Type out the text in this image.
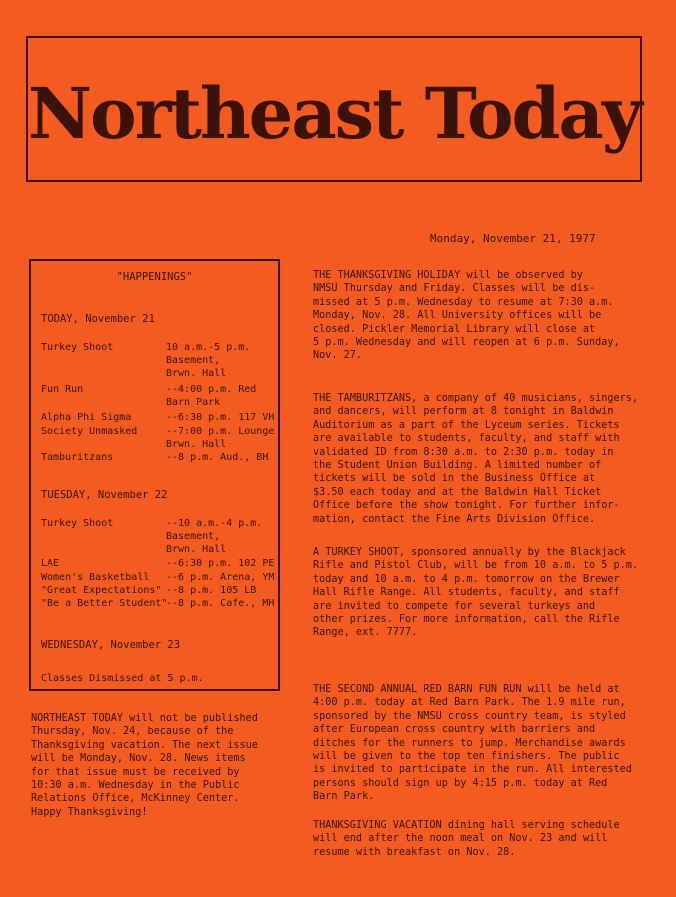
Northeast Today
Monday, November 21, 1977
"HAPPENINGS"
TODAY, November 21
Turkey Shoot	10 a.m.-5 p.m.
Basement,
Brwn. Hall
Fun Run	--4:00 p.m. Red
Barn Park
Alpha Phi Sigma	--6:30 p.m. 117 VH
Society Unmasked	--7:00 p.m. Lounge
Brwn. Hall
Tamburitzans	--8 p.m. Aud., BH
TUESDAY, November 22
Turkey Shoot	--10 a.m.-4 p.m.
Basement,
Brwn. Hall
LAE	--6:30 p.m. 102 PE
Women's Basketball --6 p.m. Arena, YM
"Great Expectations" --8 p.m. 105 LB
"Be a Better Student"
--8 p.m. Cafe., MH
WEDNESDAY, November 23
Classes Dismissed at 5 p.m.
NORTHEAST TODAY will not be published
Thursday, Nov. 24, because of the
Thanksgiving vacation. The next issue
will be Monday, Nov. 28. News items
for that issue must be received by
10:30 a.m. Wednesday in the Public
Relations Office, McKinney Center.
Happy Thanksgiving!
THE THANKSGIVING HOLIDAY will be observed by
NMSU Thursday and Friday. Classes will be dis-
missed at 5 p.m. Wednesday to resume at 7:30 a.m.
Monday, Nov. 28. All University offices will be
closed. Pickler Memorial Library will close at
5 p.m. Wednesday and will reopen at 6 p.m. Sunday,
Nov. 27.
THE TAMBURITZANS, a company of 40 musicians, singers,
and dancers, will perform at 8 tonight in Baldwin
Auditorium as a part of the Lyceum series. Tickets
are available to students, faculty, and staff with
validated ID from 8:30 a.m. to 2:30 p.m. today in
the Student Union Building. A limited number of
tickets will be sold in the Business Office at
$3.50 each today and at the Baldwin Hall Ticket
Office before the show tonight. For further infor-
mation, contact the Fine Arts Division Office.
A TURKEY SHOOT, sponsored annually by the Blackjack
Rifle and Pistol Club, will be from 10 a.m. to 5 p.m.
today and 10 a.m. to 4 p.m. tomorrow on the Brewer
Hall Rifle Range. All students, faculty, and staff
are invited to compete for several turkeys and
other prizes. For more information, call the Rifle
Range, ext. 7777.
THE SECOND ANNUAL RED BARN FUN RUN will be held at
4:00 p.m. today at Red Barn Park. The 1.9 mile run,
sponsored by the NMSU cross country team, is styled
after European cross country with barriers and
ditches for the runners to jump. Merchandise awards
will be given to the top ten finishers. The public
is invited to participate in the run. All interested
persons should sign up by 4:15 p.m. today at Red
Barn Park.
THANKSGIVING VACATION dining hall serving schedule
will end after the noon meal on Nov. 23 and will
resume with breakfast on Nov. 28.
